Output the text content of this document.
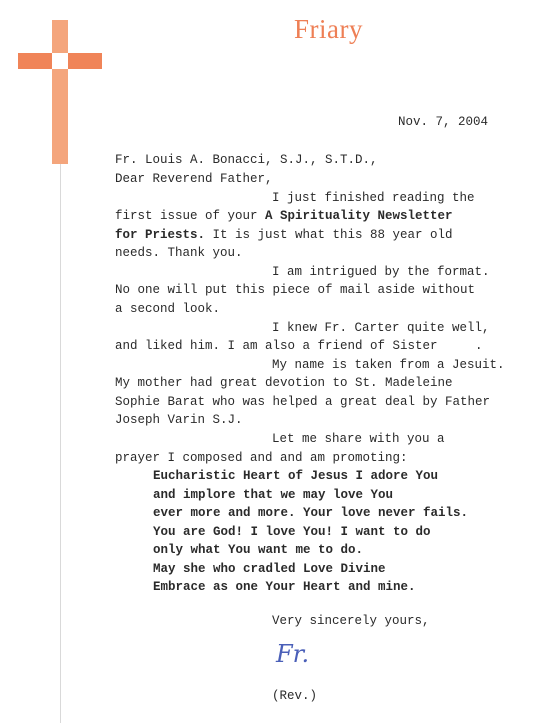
Friary
Nov. 7, 2004
Fr. Louis A. Bonacci, S.J., S.T.D.,
Dear Reverend Father,
I just finished reading the
first issue of your A Spirituality Newsletter
for Priests. It is just what this 88 year old
needs. Thank you.
I am intrigued by the format.
No one will put this piece of mail aside without
a second look.
I knew Fr. Carter quite well,
and liked him. I am also a friend of Sister     .
My name is taken from a Jesuit.
My mother had great devotion to St. Madeleine
Sophie Barat who was helped a great deal by Father
Joseph Varin S.J.
Let me share with you a
prayer I composed and and am promoting:
Eucharistic Heart of Jesus I adore You
and implore that we may love You
ever more and more. Your love never fails.
You are God! I love You! I want to do
only what You want me to do.
May she who cradled Love Divine
Embrace as one Your Heart and mine.
Very sincerely yours,
Fr.
(Rev.)
